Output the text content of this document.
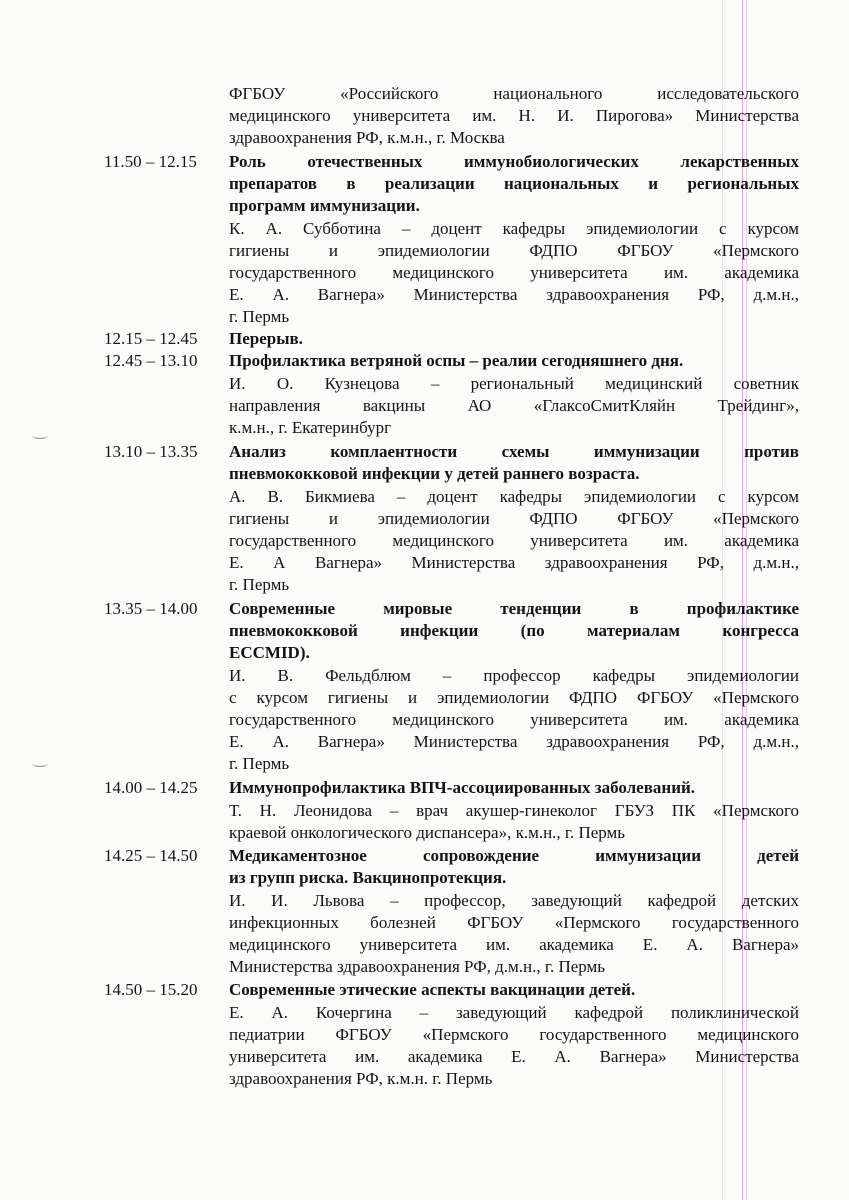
ФГБОУ «Российского национального исследовательского
медицинского университета им. Н. И. Пирогова» Министерства
здравоохранения РФ, к.м.н., г. Москва
11.50 – 12.15 Роль отечественных иммунобиологических лекарственных
препаратов в реализации национальных и региональных
программ иммунизации.
К. А. Субботина – доцент кафедры эпидемиологии с курсом
гигиены и эпидемиологии ФДПО ФГБОУ «Пермского
государственного медицинского университета им. академика
Е. А. Вагнера» Министерства здравоохранения РФ, д.м.н.,
г. Пермь
12.15 – 12.45 Перерыв.
12.45 – 13.10 Профилактика ветряной оспы – реалии сегодняшнего дня.
И. О. Кузнецова – региональный медицинский советник
направления вакцины АО «ГлаксоСмитКляйн Трейдинг»,
к.м.н., г. Екатеринбург
13.10 – 13.35 Анализ комплаентности схемы иммунизации против
пневмококковой инфекции у детей раннего возраста.
А. В. Бикмиева – доцент кафедры эпидемиологии с курсом
гигиены и эпидемиологии ФДПО ФГБОУ «Пермского
государственного медицинского университета им. академика
Е. А Вагнера» Министерства здравоохранения РФ, д.м.н.,
г. Пермь
13.35 – 14.00 Современные мировые тенденции в профилактике
пневмококковой инфекции (по материалам конгресса
ECCMID).
И. В. Фельдблюм – профессор кафедры эпидемиологии
с курсом гигиены и эпидемиологии ФДПО ФГБОУ «Пермского
государственного медицинского университета им. академика
Е. А. Вагнера» Министерства здравоохранения РФ, д.м.н.,
г. Пермь
14.00 – 14.25 Иммунопрофилактика ВПЧ-ассоциированных заболеваний.
Т. Н. Леонидова – врач акушер-гинеколог ГБУЗ ПК «Пермского
краевой онкологического диспансера», к.м.н., г. Пермь
14.25 – 14.50 Медикаментозное сопровождение иммунизации детей
из групп риска. Вакцинопротекция.
И. И. Львова – профессор, заведующий кафедрой детских
инфекционных болезней ФГБОУ «Пермского государственного
медицинского университета им. академика Е. А. Вагнера»
Министерства здравоохранения РФ, д.м.н., г. Пермь
14.50 – 15.20 Современные этические аспекты вакцинации детей.
Е. А. Кочергина – заведующий кафедрой поликлинической
педиатрии ФГБОУ «Пермского государственного медицинского
университета им. академика Е. А. Вагнера» Министерства
здравоохранения РФ, к.м.н. г. Пермь
